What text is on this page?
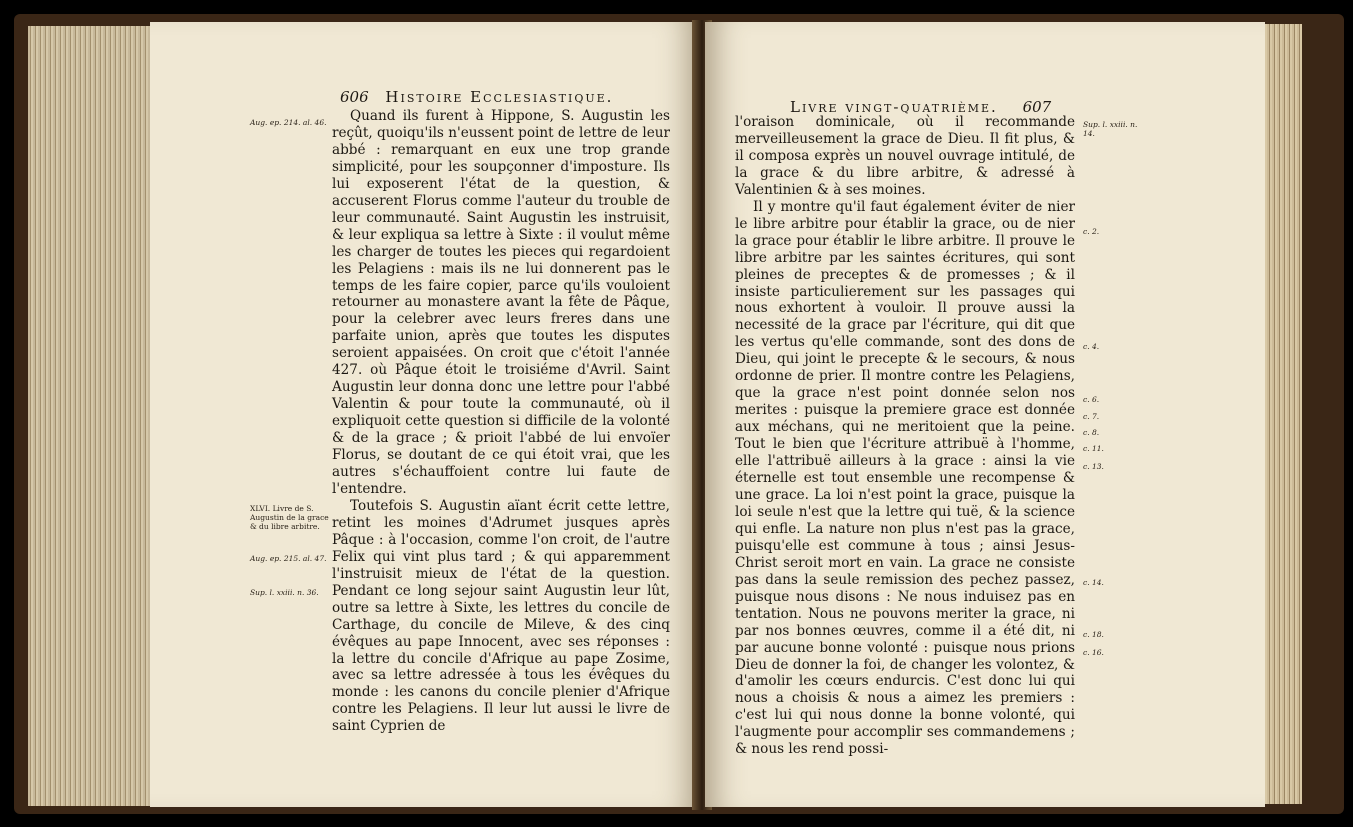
606 Histoire Ecclesiastique.
Aug. ep. 214. al. 46.
XLVI. Livre de S. Augustin de la grace & du libre arbitre.
Aug. ep. 215. al. 47.
Sup. l. xxiii. n. 36.

Quand ils furent à Hippone, S. Augustin les reçût, quoiqu'ils n'eussent point de lettre de leur abbé : remarquant en eux une trop grande simplicité, pour les soupçonner d'imposture. Ils lui exposerent l'état de la question, & accuserent Florus comme l'auteur du trouble de leur communauté. Saint Augustin les instruisit, & leur expliqua sa lettre à Sixte : il voulut même les charger de toutes les pieces qui regardoient les Pelagiens : mais ils ne lui donnerent pas le temps de les faire copier, parce qu'ils vouloient retourner au monastere avant la fête de Pâque, pour la celebrer avec leurs freres dans une parfaite union, après que toutes les disputes seroient appaisées. On croit que c'étoit l'année 427. où Pâque étoit le troisiéme d'Avril. Saint Augustin leur donna donc une lettre pour l'abbé Valentin & pour toute la communauté, où il expliquoit cette question si difficile de la volonté & de la grace ; & prioit l'abbé de lui envoïer Florus, se doutant de ce qui étoit vrai, que les autres s'échauffoient contre lui faute de l'entendre.

Toutefois S. Augustin aïant écrit cette lettre, retint les moines d'Adrumet jusques après Pâque : à l'occasion, comme l'on croit, de l'autre Felix qui vint plus tard ; & qui apparemment l'instruisit mieux de l'état de la question. Pendant ce long sejour saint Augustin leur lût, outre sa lettre à Sixte, les lettres du concile de Carthage, du concile de Mileve, & des cinq évêques au pape Innocent, avec ses réponses : la lettre du concile d'Afrique au pape Zosime, avec sa lettre adressée à tous les évêques du monde : les canons du concile plenier d'Afrique contre les Pelagiens. Il leur lut aussi le livre de saint Cyprien de

Livre vingt-quatrième. 607

l'oraison dominicale, où il recommande merveilleusement la grace de Dieu. Il fit plus, & il composa exprès un nouvel ouvrage intitulé, de la grace & du libre arbitre, & adressé à Valentinien & à ses moines.

Il y montre qu'il faut également éviter de nier le libre arbitre pour établir la grace, ou de nier la grace pour établir le libre arbitre. Il prouve le libre arbitre par les saintes écritures, qui sont pleines de preceptes & de promesses ; & il insiste particulierement sur les passages qui nous exhortent à vouloir. Il prouve aussi la necessité de la grace par l'écriture, qui dit que les vertus qu'elle commande, sont des dons de Dieu, qui joint le precepte & le secours, & nous ordonne de prier. Il montre contre les Pelagiens, que la grace n'est point donnée selon nos merites : puisque la premiere grace est donnée aux méchans, qui ne meritoient que la peine. Tout le bien que l'écriture attribuë à l'homme, elle l'attribuë ailleurs à la grace : ainsi la vie éternelle est tout ensemble une recompense & une grace. La loi n'est point la grace, puisque la loi seule n'est que la lettre qui tuë, & la science qui enfle. La nature non plus n'est pas la grace, puisqu'elle est commune à tous ; ainsi Jesus-Christ seroit mort en vain. La grace ne consiste pas dans la seule remission des pechez passez, puisque nous disons : Ne nous induisez pas en tentation. Nous ne pouvons meriter la grace, ni par nos bonnes œuvres, comme il a été dit, ni par aucune bonne volonté : puisque nous prions Dieu de donner la foi, de changer les volontez, & d'amolir les cœurs endurcis. C'est donc lui qui nous a choisis & nous a aimez les premiers : c'est lui qui nous donne la bonne volonté, qui l'augmente pour accomplir ses commandemens ; & nous les rend possi-

Sup. l. xxiii. n. 14.
c. 2.
c. 4.
c. 6.
c. 7.
c. 8.
c. 11.
c. 13.
c. 14.
c. 18.
c. 16.
